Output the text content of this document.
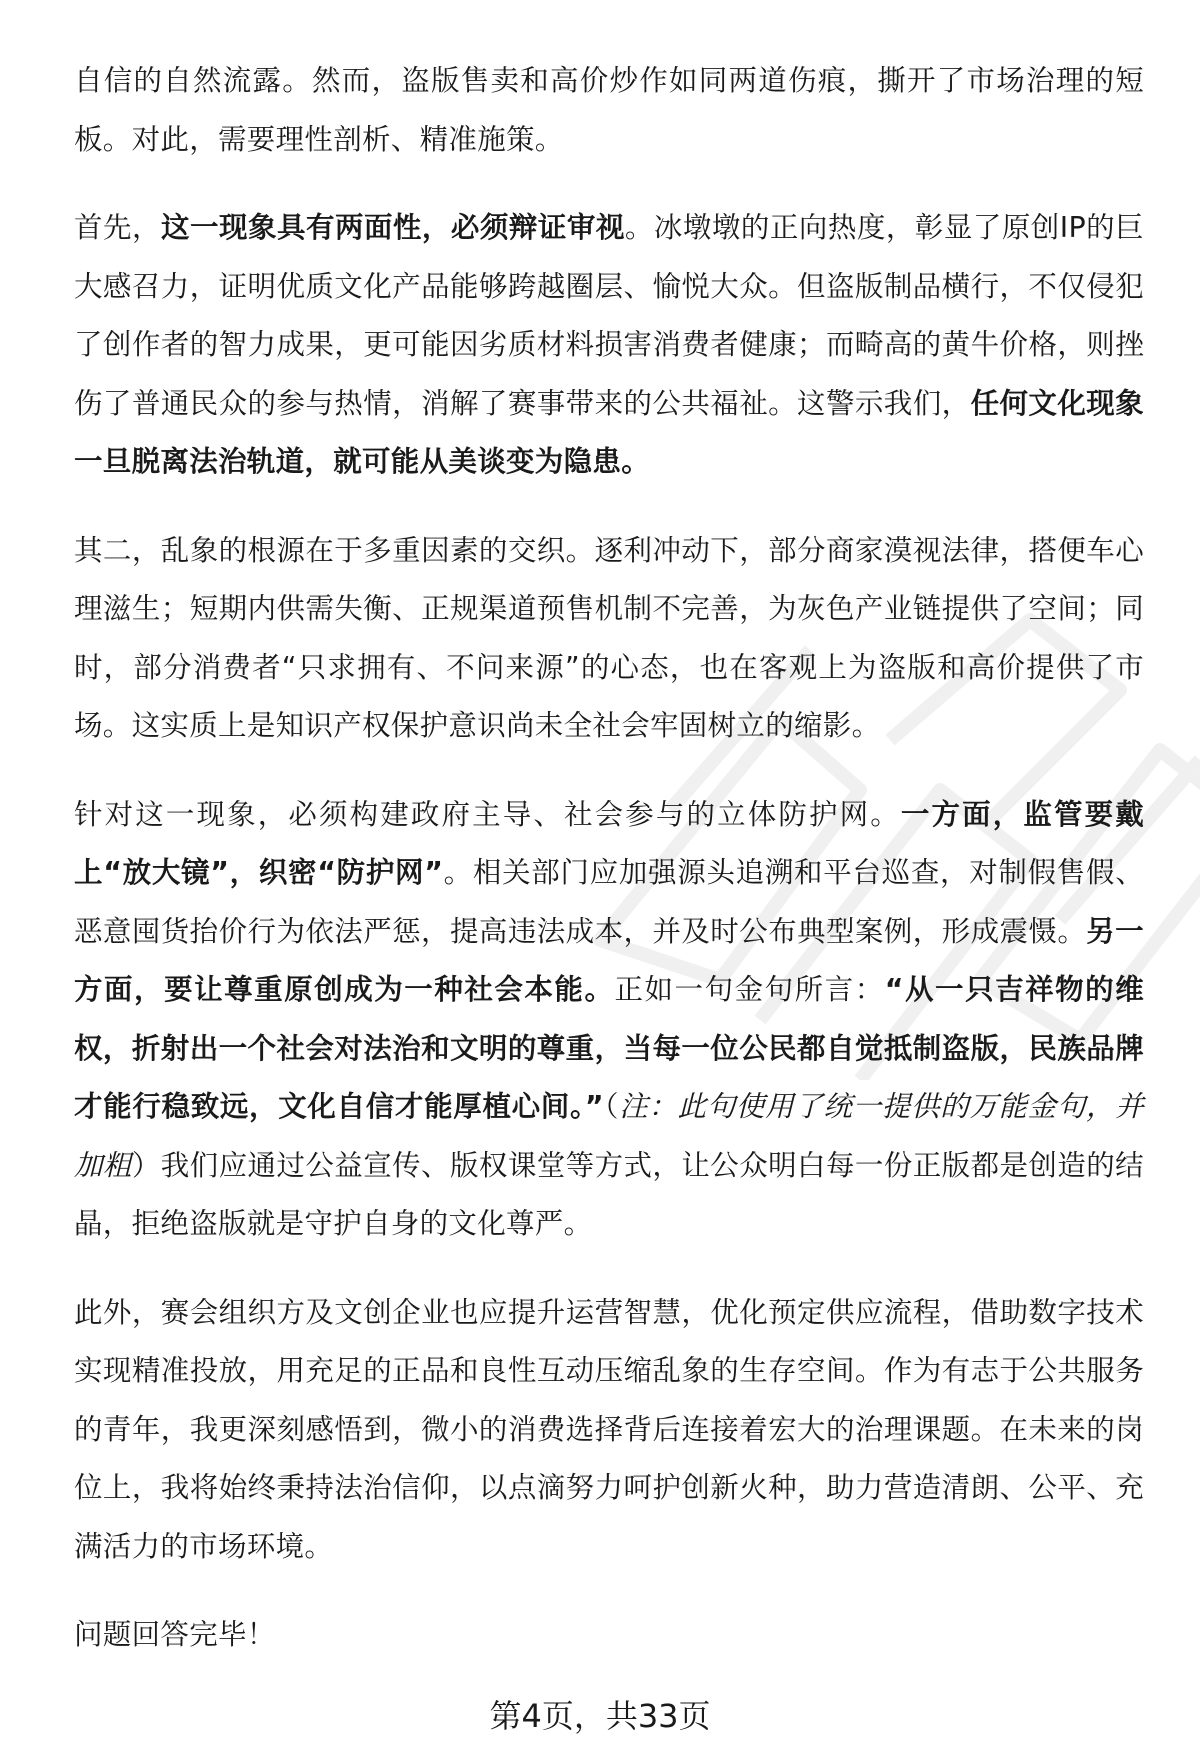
自信的自然流露。然而，盗版售卖和高价炒作如同两道伤痕，撕开了市场治理的短板。对此，需要理性剖析、精准施策。

首先，这一现象具有两面性，必须辩证审视。冰墩墩的正向热度，彰显了原创IP的巨大感召力，证明优质文化产品能够跨越圈层、愉悦大众。但盗版制品横行，不仅侵犯了创作者的智力成果，更可能因劣质材料损害消费者健康；而畸高的黄牛价格，则挫伤了普通民众的参与热情，消解了赛事带来的公共福祉。这警示我们，任何文化现象一旦脱离法治轨道，就可能从美谈变为隐患。

其二，乱象的根源在于多重因素的交织。逐利冲动下，部分商家漠视法律，搭便车心理滋生；短期内供需失衡、正规渠道预售机制不完善，为灰色产业链提供了空间；同时，部分消费者“只求拥有、不问来源”的心态，也在客观上为盗版和高价提供了市场。这实质上是知识产权保护意识尚未全社会牢固树立的缩影。

针对这一现象，必须构建政府主导、社会参与的立体防护网。一方面，监管要戴上“放大镜”，织密“防护网”。相关部门应加强源头追溯和平台巡查，对制假售假、恶意囤货抬价行为依法严惩，提高违法成本，并及时公布典型案例，形成震慑。另一方面，要让尊重原创成为一种社会本能。正如一句金句所言：“从一只吉祥物的维权，折射出一个社会对法治和文明的尊重，当每一位公民都自觉抵制盗版，民族品牌才能行稳致远，文化自信才能厚植心间。”（注：此句使用了统一提供的万能金句，并加粗）我们应通过公益宣传、版权课堂等方式，让公众明白每一份正版都是创造的结晶，拒绝盗版就是守护自身的文化尊严。

此外，赛会组织方及文创企业也应提升运营智慧，优化预定供应流程，借助数字技术实现精准投放，用充足的正品和良性互动压缩乱象的生存空间。作为有志于公共服务的青年，我更深刻感悟到，微小的消费选择背后连接着宏大的治理课题。在未来的岗位上，我将始终秉持法治信仰，以点滴努力呵护创新火种，助力营造清朗、公平、充满活力的市场环境。

问题回答完毕！

第4页，共33页
